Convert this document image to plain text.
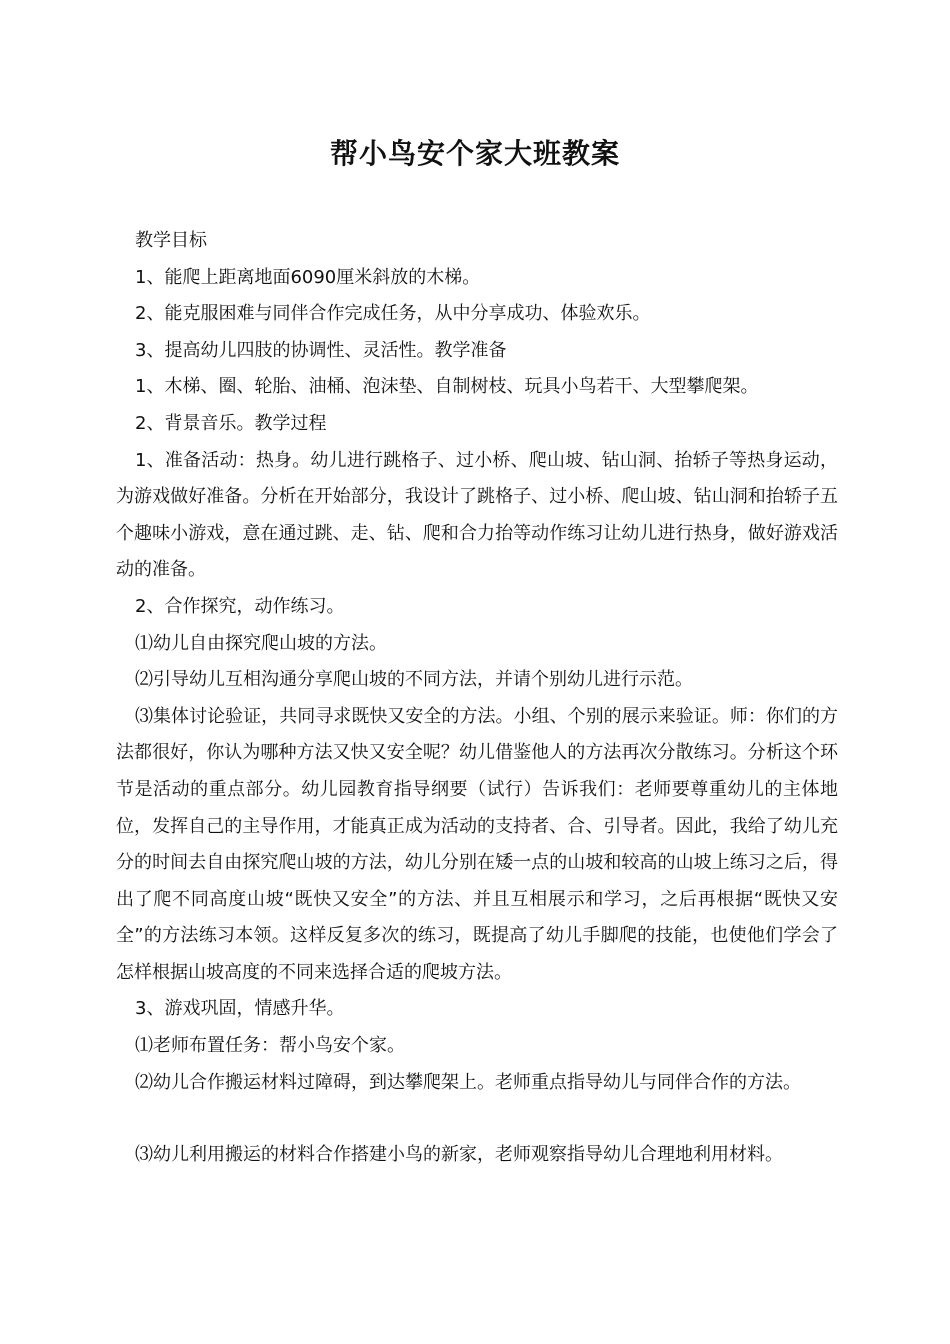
帮小鸟安个家大班教案

教学目标

1、能爬上距离地面6090厘米斜放的木梯。

2、能克服困难与同伴合作完成任务，从中分享成功、体验欢乐。

3、提高幼儿四肢的协调性、灵活性。教学准备

1、木梯、圈、轮胎、油桶、泡沫垫、自制树枝、玩具小鸟若干、大型攀爬架。

2、背景音乐。教学过程

1、准备活动：热身。幼儿进行跳格子、过小桥、爬山坡、钻山洞、抬轿子等热身运动，为游戏做好准备。分析在开始部分，我设计了跳格子、过小桥、爬山坡、钻山洞和抬轿子五个趣味小游戏，意在通过跳、走、钻、爬和合力抬等动作练习让幼儿进行热身，做好游戏活动的准备。

2、合作探究，动作练习。

⑴幼儿自由探究爬山坡的方法。

⑵引导幼儿互相沟通分享爬山坡的不同方法，并请个别幼儿进行示范。

⑶集体讨论验证，共同寻求既快又安全的方法。小组、个别的展示来验证。师：你们的方法都很好，你认为哪种方法又快又安全呢？幼儿借鉴他人的方法再次分散练习。分析这个环节是活动的重点部分。幼儿园教育指导纲要（试行）告诉我们：老师要尊重幼儿的主体地位，发挥自己的主导作用，才能真正成为活动的支持者、合、引导者。因此，我给了幼儿充分的时间去自由探究爬山坡的方法，幼儿分别在矮一点的山坡和较高的山坡上练习之后，得出了爬不同高度山坡“既快又安全”的方法、并且互相展示和学习，之后再根据“既快又安全”的方法练习本领。这样反复多次的练习，既提高了幼儿手脚爬的技能，也使他们学会了怎样根据山坡高度的不同来选择合适的爬坡方法。

3、游戏巩固，情感升华。

⑴老师布置任务：帮小鸟安个家。

⑵幼儿合作搬运材料过障碍，到达攀爬架上。老师重点指导幼儿与同伴合作的方法。

⑶幼儿利用搬运的材料合作搭建小鸟的新家，老师观察指导幼儿合理地利用材料。
